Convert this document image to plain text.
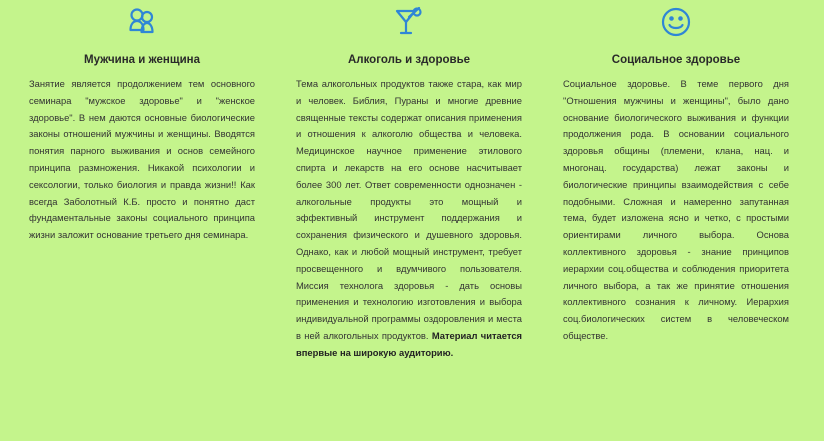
Мужчина и женщина

Занятие является продолжением тем основного семинара "мужское здоровье" и "женское здоровье". В нем даются основные биологические законы отношений мужчины и женщины. Вводятся понятия парного выживания и основ семейного принципа размножения. Никакой психологии и сексологии, только биология и правда жизни!! Как всегда Заболотный К.Б. просто и понятно даст фундаментальные законы социального принципа жизни заложит основание третьего дня семинара.

Алкоголь и здоровье

Тема алкогольных продуктов также стара, как мир и человек. Библия, Пураны и многие древние священные тексты содержат описания применения и отношения к алкоголю общества и человека. Медицинское научное применение этилового спирта и лекарств на его основе насчитывает более 300 лет. Ответ современности однозначен - алкогольные продукты это мощный и эффективный инструмент поддержания и сохранения физического и душевного здоровья. Однако, как и любой мощный инструмент, требует просвещенного и вдумчивого пользователя. Миссия технолога здоровья - дать основы применения и технологию изготовления и выбора индивидуальной программы оздоровления и места в ней алкогольных продуктов. Материал читается впервые на широкую аудиторию.

Социальное здоровье

Социальное здоровье. В теме первого дня "Отношения мужчины и женщины", было дано основание биологического выживания и функции продолжения рода. В основании социального здоровья общины (племени, клана, нац. и многонац. государства) лежат законы и биологические принципы взаимодействия с себе подобными. Сложная и намеренно запутанная тема, будет изложена ясно и четко, с простыми ориентирами личного выбора. Основа коллективного здоровья - знание принципов иерархии соц.общества и соблюдения приоритета личного выбора, а так же принятие отношения коллективного сознания к личному. Иерархия соц.биологических систем в человеческом обществе.
